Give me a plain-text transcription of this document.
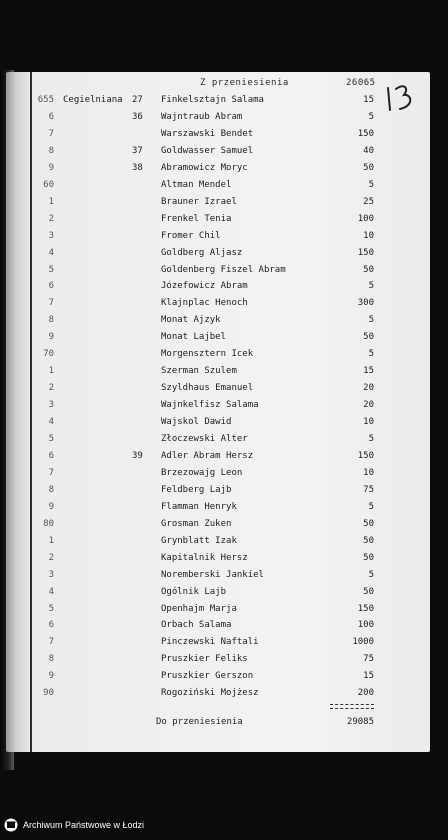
Z przeniesienia	26065
655 Cegielniana 27 Finkelsztajn Salama	15
6	36 Wajntraub Abram	5
7	Warszawski Bendet	150
8	37 Goldwasser Samuel	40
9	38 Abramowicz Moryc	50
60	Altman Mendel	5
1	Brauner Izrael	25
2	Frenkel Tenia	100
3	Fromer Chil	10
4	Goldberg Aljasz	150
5	Goldenberg Fiszel Abram	50
6	Józefowicz Abram	5
7	Klajnplac Henoch	300
8	Monat Ajzyk	5
9	Monat Lajbel	50
70	Morgensztern Icek	5
1	Szerman Szulem	15
2	Szyldhaus Emanuel	20
3	Wajnkelfisz Salama	20
4	Wajskol Dawid	10
5	Złoczewski Alter	5
6	39 Adler Abram Hersz	150
7	Brzezowajg Leon	10
8	Feldberg Lajb	75
9	Flamman Henryk	5
80	Grosman Zuken	50
1	Grynblatt Izak	50
2	Kapitalnik Hersz	50
3	Noremberski Jankiel	5
4	Ogólnik Lajb	50
5	Openhajm Marja	150
6	Orbach Salama	100
7	Pinczewski Naftali	1000
8	Pruszkier Feliks	75
9	Pruszkier Gerszon	15
90	Rogoziński Mojżesz	200
Do przeniesienia	29085
Archiwum Państwowe w Łodzi
